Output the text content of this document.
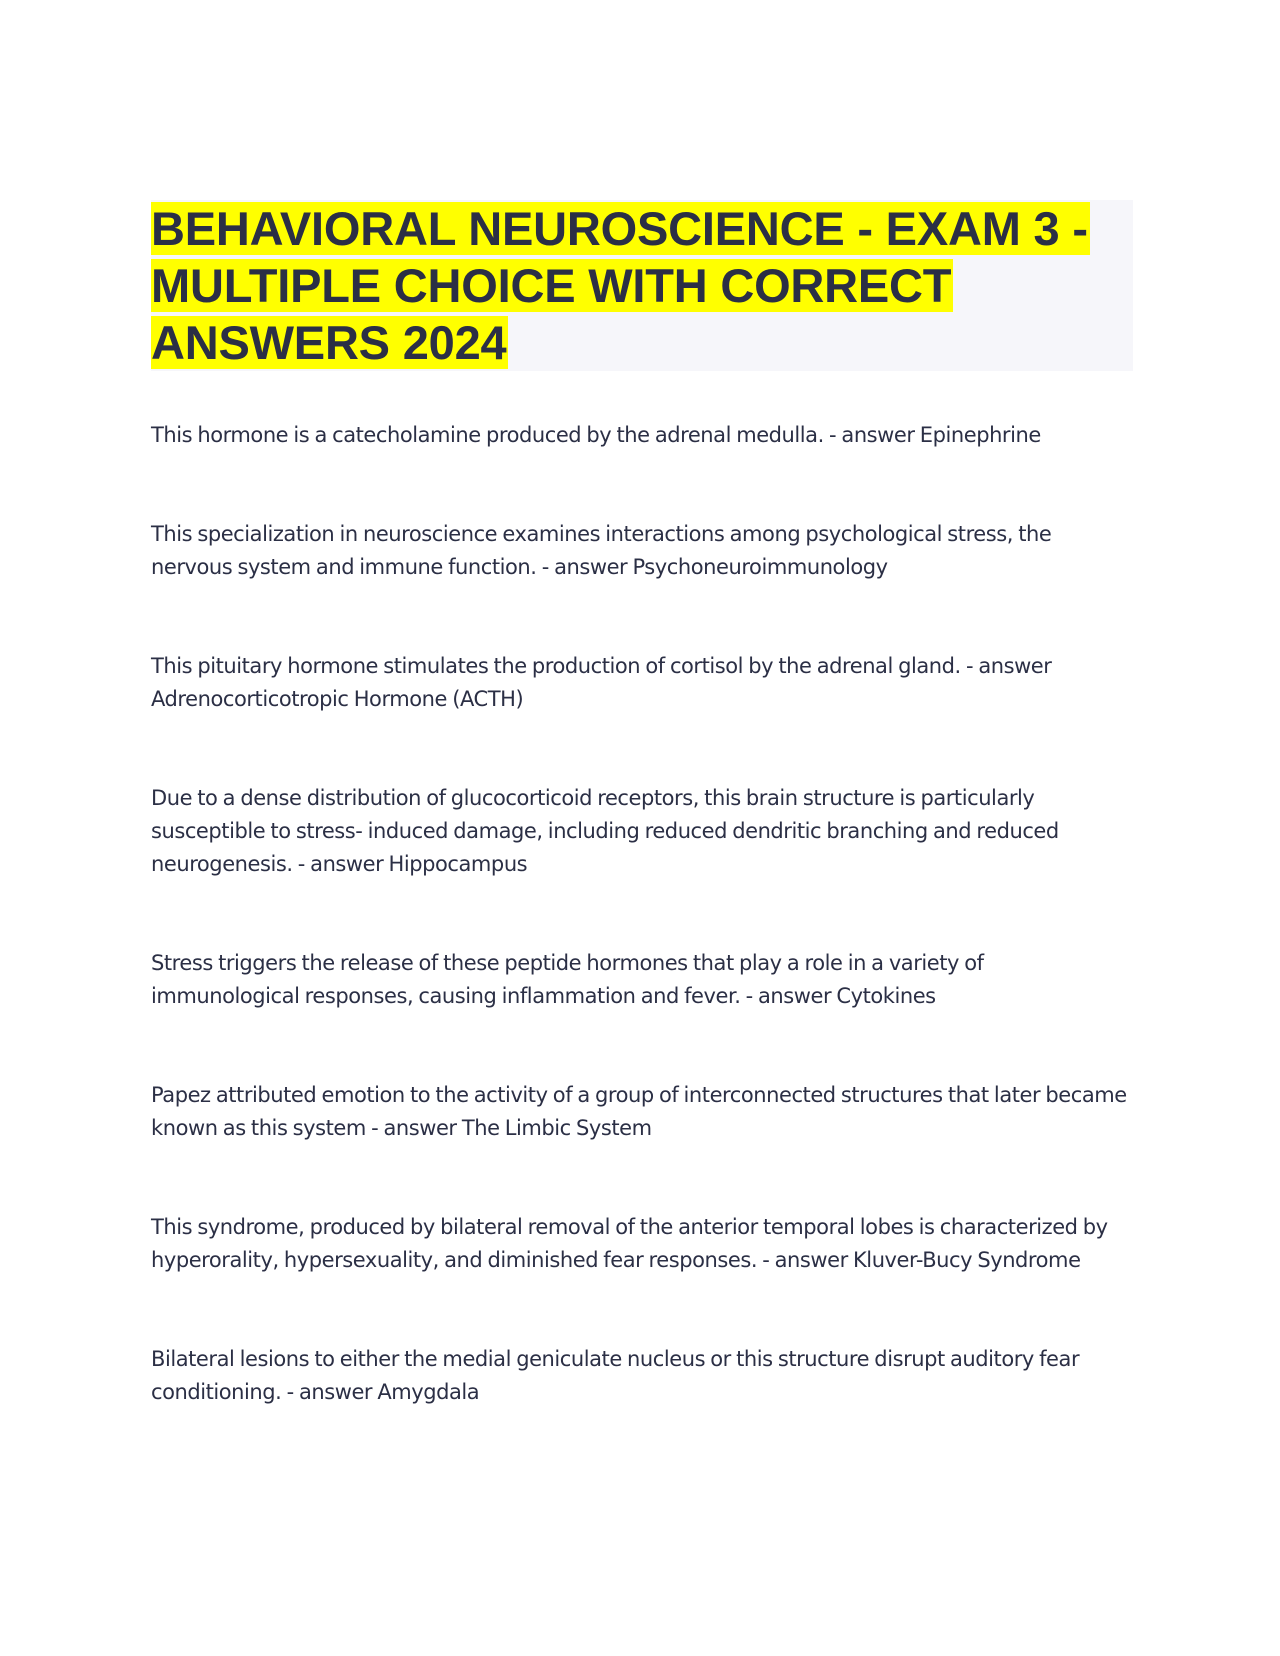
BEHAVIORAL NEUROSCIENCE - EXAM 3 - MULTIPLE CHOICE WITH CORRECT ANSWERS 2024

This hormone is a catecholamine produced by the adrenal medulla. - answer Epinephrine

This specialization in neuroscience examines interactions among psychological stress, the nervous system and immune function. - answer Psychoneuroimmunology

This pituitary hormone stimulates the production of cortisol by the adrenal gland. - answer Adrenocorticotropic Hormone (ACTH)

Due to a dense distribution of glucocorticoid receptors, this brain structure is particularly susceptible to stress- induced damage, including reduced dendritic branching and reduced neurogenesis. - answer Hippocampus

Stress triggers the release of these peptide hormones that play a role in a variety of immunological responses, causing inflammation and fever. - answer Cytokines

Papez attributed emotion to the activity of a group of interconnected structures that later became known as this system - answer The Limbic System

This syndrome, produced by bilateral removal of the anterior temporal lobes is characterized by hyperorality, hypersexuality, and diminished fear responses. - answer Kluver-Bucy Syndrome

Bilateral lesions to either the medial geniculate nucleus or this structure disrupt auditory fear conditioning. - answer Amygdala
